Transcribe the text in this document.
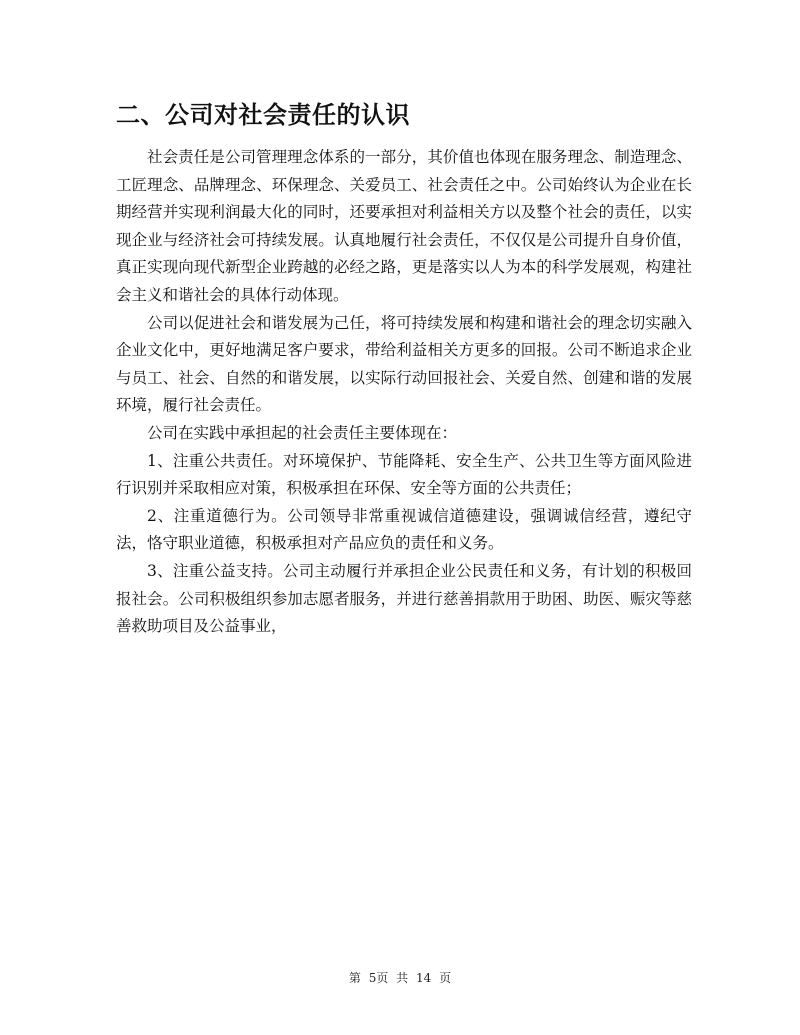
二、公司对社会责任的认识

社会责任是公司管理理念体系的一部分，其价值也体现在服务理念、制造理念、工匠理念、品牌理念、环保理念、关爱员工、社会责任之中。公司始终认为企业在长期经营并实现利润最大化的同时，还要承担对利益相关方以及整个社会的责任，以实现企业与经济社会可持续发展。认真地履行社会责任，不仅仅是公司提升自身价值，真正实现向现代新型企业跨越的必经之路，更是落实以人为本的科学发展观，构建社会主义和谐社会的具体行动体现。

公司以促进社会和谐发展为己任，将可持续发展和构建和谐社会的理念切实融入企业文化中，更好地满足客户要求，带给利益相关方更多的回报。公司不断追求企业与员工、社会、自然的和谐发展，以实际行动回报社会、关爱自然、创建和谐的发展环境，履行社会责任。

公司在实践中承担起的社会责任主要体现在：

1、注重公共责任。对环境保护、节能降耗、安全生产、公共卫生等方面风险进行识别并采取相应对策，积极承担在环保、安全等方面的公共责任；

2、注重道德行为。公司领导非常重视诚信道德建设，强调诚信经营，遵纪守法，恪守职业道德，积极承担对产品应负的责任和义务。

3、注重公益支持。公司主动履行并承担企业公民责任和义务，有计划的积极回报社会。公司积极组织参加志愿者服务，并进行慈善捐款用于助困、助医、赈灾等慈善救助项目及公益事业，

第 5页 共 14 页
